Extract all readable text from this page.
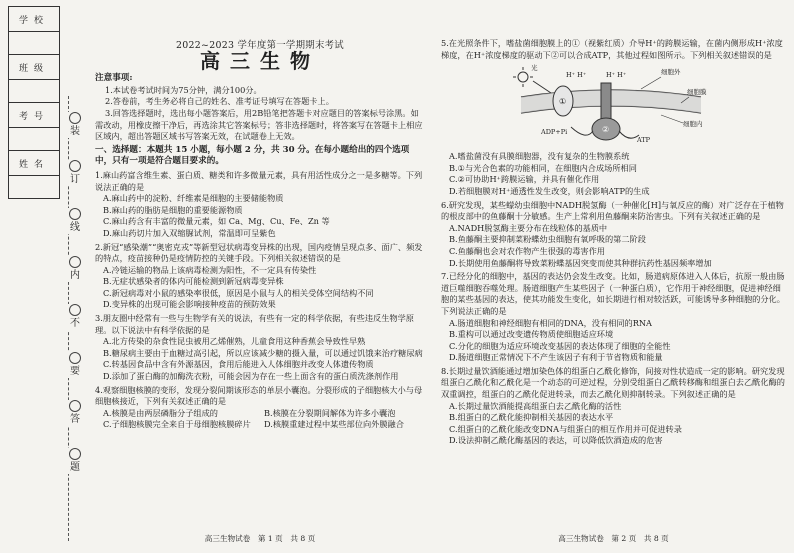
学校

班级

考号

姓名

装
订
线
内
不
要
答
题
2022~2023 学年度第一学期期末考试
高三生物
注意事项:
1.本试卷考试时间为75分钟，满分100分。
2.答卷前，考生务必将自己的姓名、准考证号填写在答题卡上。
3.回答选择题时，选出每小题答案后，用2B铅笔把答题卡对应题目的答案标号涂黑。如需改动，用橡皮擦干净后，再选涂其它答案标号；答非选择题时，将答案写在答题卡上相应区域内，超出答题区域书写答案无效，在试题卷上无效。
一、选择题：本题共 15 小题，每小题 2 分，共 30 分。在每小题给出的四个选项中，只有一项是符合题目要求的。
1.麻山药富含维生素、蛋白质、糖类和许多微量元素，具有用活性成分之一是多糖等。下列说法正确的是
A.麻山药中的淀粉、纤维素是细胞的主要储能物质
B.麻山药的脂肪是细胞的重要能源物质
C.麻山药含有丰富的微量元素，如 Ca、Mg、Cu、Fe、Zn 等
D.麻山药切片加入双缩脲试剂，常温即可呈紫色
2.新冠“感染潮”“奥密克戎”等新型冠状病毒变异株的出现，国内疫情呈现点多、面广、频发的特点，疫苗接种仍是疫情防控的关键手段。下列相关叙述错误的是
A.冷链运输的物品上该病毒检测为阳性，不一定具有传染性
B.无症状感染者的体内可能检测到新冠病毒变异株
C.新冠病毒对小鼠的感染率很低，原因是小鼠与人的相关受体空间结构不同
D.变异株的出现可能会影响接种疫苗的预防效果
3.朋友圈中经常有一些与生物学有关的说法，有些有一定的科学依据，有些违反生物学原理。以下说法中有科学依据的是
A.北方传染的杂食性昆虫被用乙烯催熟，儿童食用这种香蕉会导致性早熟
B.糖尿病主要由于血糖过高引起，所以应该减少糖的摄入量，可以通过饥饿来治疗糖尿病
C.转基因食品中含有外源基因，食用后能进入人体细胞并改变人体遗传物质
D.添加了蛋白酶的加酶洗衣粉，可能会因为存在一些上面含有的蛋白质洗涤剂作用
4.观察细胞核膜的变形，发现分裂间期该形态的单层小囊泡。分裂形成的子细胞核大小与母细胞核接近，下列有关叙述正确的是
A.核膜是由两层磷脂分子组成的	B.核膜在分裂期间解体为许多小囊泡
C.子细胞核膜完全来自于母细胞核膜碎片	D.核膜重建过程中某些部位向外膜融合
高三生物试卷　第 1 页　共 8 页
5.在光照条件下，嗜盐菌细胞膜上的①（视紫红质）介导H⁺的跨膜运输，在菌内侧形成H⁺浓度梯度，在H⁺浓度梯度的驱动下②可以合成ATP，其他过程如图所示。下列相关叙述错误的是
①
②
H⁺ H⁺	H⁺ H⁺
光	细胞外
细胞膜
细胞内
ADP+Pi
ATP
A.嗜盐菌没有具膜细胞器，没有复杂的生物膜系统
B.①与光合色素的功能相同，在细胞内合成场所相同
C.②可协助H⁺跨膜运输，并具有催化作用
D.若细胞膜对H⁺通透性发生改变，则会影响ATP的生成
6.研究发现，某些蠓幼虫细胞中NADH脱氢酶（一种催化[H]与氧反应的酶）对广泛存在于植物的根皮部中的鱼藤酮十分敏感。生产上常利用鱼藤酮来防治害虫。下列有关叙述正确的是
A.NADH脱氢酶主要分布在线粒体的基质中
B.鱼藤酮主要抑制菜粉蝶幼虫细胞有氧呼吸的第二阶段
C.鱼藤酮也会对农作物产生很强的毒害作用
D.长期使用鱼藤酮将导致菜粉蝶基因突变而使其种群抗药性基因频率增加
7.已经分化的细胞中，基因的表达仍会发生改变。比如，肠道病原体进入人体后，抗原一般由肠道巨噬细胞吞噬处理。肠道细胞产生某些因子（一种蛋白质），它作用于神经细胞，促进神经细胞的某些基因的表达，使其功能发生变化，如长期进行相对较活跃，可能诱导多种细胞的分化。下列说法正确的是
A.肠道细胞和神经细胞有相同的DNA，没有相同的RNA
B.重构可以通过改变遗传物质使细胞适应环境
C.分化的细胞为适应环境改变基因的表达体现了细胞的全能性
D.肠道细胞正常情况下不产生该因子有利于节省物质和能量
8.长期过量饮酒能通过增加染色体的组蛋白乙酰化修饰，间接对性状造成一定的影响。研究发现组蛋白乙酰化和乙酰化是一个动态的可逆过程，分别受组蛋白乙酰转移酶和组蛋白去乙酰化酶的双重调控，组蛋白的乙酰化促进转录，而去乙酰化则抑制转录。下列叙述正确的是
A.长期过量饮酒能提高组蛋白去乙酰化酶的活性
B.组蛋白的乙酰化能抑制相关基因的表达水平
C.组蛋白的乙酰化能改变DNA与组蛋白的相互作用并可促进转录
D.设法抑制乙酰化酶基因的表达，可以降低饮酒造成的危害
高三生物试卷　第 2 页　共 8 页
